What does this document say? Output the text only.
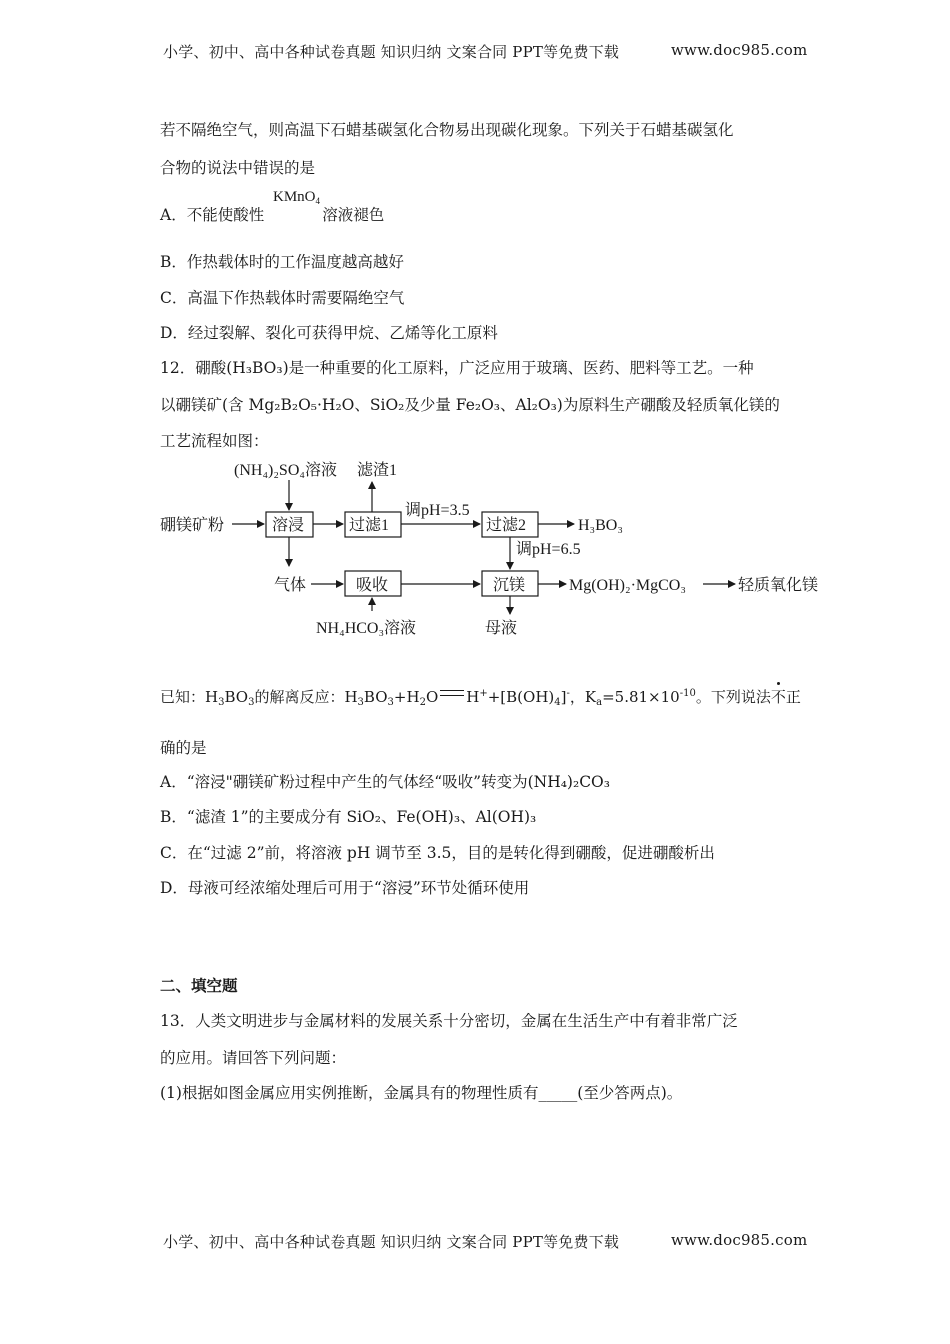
小学、初中、高中各种试卷真题 知识归纳 文案合同 PPT等免费下载	www.doc985.com
若不隔绝空气，则高温下石蜡基碳氢化合物易出现碳化现象。下列关于石蜡基碳氢化
合物的说法中错误的是
A．不能使酸性	溶液褪色
KMnO$_4$
B．作热载体时的工作温度越高越好
C．高温下作热载体时需要隔绝空气
D．经过裂解、裂化可获得甲烷、乙烯等化工原料
12．硼酸(H₃BO₃)是一种重要的化工原料，广泛应用于玻璃、医药、肥料等工艺。一种
以硼镁矿(含 Mg₂B₂O₅·H₂O、SiO₂及少量 Fe₂O₃、Al₂O₃)为原料生产硼酸及轻质氧化镁的
工艺流程如图：
硼镁矿粉
(NH₄)₂SO₄溶液
溶浸	过滤1
滤渣1
调pH=3.5
过滤2	H₃BO₃
调pH=6.5
气体	吸收
NH₄HCO₃溶液
沉镁	Mg(OH)₂·MgCO₃	轻质氧化镁
母液
已知：$H_3BO_3$的解离反应：$H_3BO_3+H_2O$ $H^++[B(OH)_4]^-$，$K_a=5.81\times 10^{-10}$。下列说法不正
确的是
A．“溶浸"硼镁矿粉过程中产生的气体经“吸收”转变为(NH₄)₂CO₃
B．“滤渣 1”的主要成分有 SiO₂、Fe(OH)₃、Al(OH)₃
C．在“过滤 2”前，将溶液 pH 调节至 3.5，目的是转化得到硼酸，促进硼酸析出
D．母液可经浓缩处理后可用于“溶浸”环节处循环使用
二、填空题
13．人类文明进步与金属材料的发展关系十分密切，金属在生活生产中有着非常广泛
的应用。请回答下列问题：
(1)根据如图金属应用实例推断，金属具有的物理性质有_____(至少答两点)。
小学、初中、高中各种试卷真题 知识归纳 文案合同 PPT等免费下载	www.doc985.com
